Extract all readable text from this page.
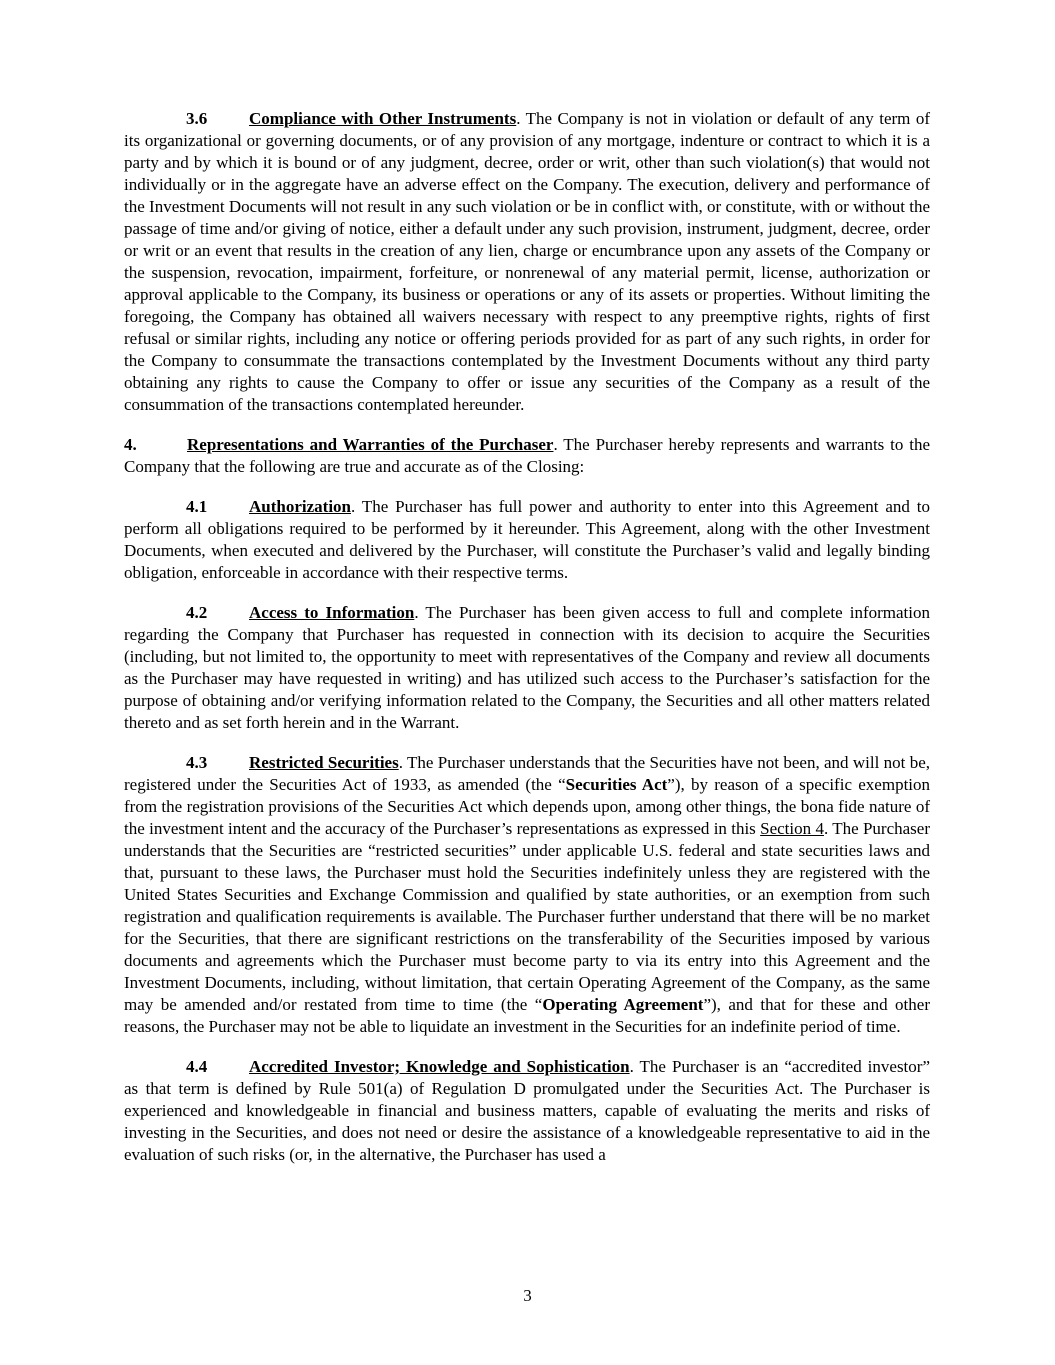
3.6 Compliance with Other Instruments. The Company is not in violation or default of any term of its organizational or governing documents, or of any provision of any mortgage, indenture or contract to which it is a party and by which it is bound or of any judgment, decree, order or writ, other than such violation(s) that would not individually or in the aggregate have an adverse effect on the Company. The execution, delivery and performance of the Investment Documents will not result in any such violation or be in conflict with, or constitute, with or without the passage of time and/or giving of notice, either a default under any such provision, instrument, judgment, decree, order or writ or an event that results in the creation of any lien, charge or encumbrance upon any assets of the Company or the suspension, revocation, impairment, forfeiture, or nonrenewal of any material permit, license, authorization or approval applicable to the Company, its business or operations or any of its assets or properties. Without limiting the foregoing, the Company has obtained all waivers necessary with respect to any preemptive rights, rights of first refusal or similar rights, including any notice or offering periods provided for as part of any such rights, in order for the Company to consummate the transactions contemplated by the Investment Documents without any third party obtaining any rights to cause the Company to offer or issue any securities of the Company as a result of the consummation of the transactions contemplated hereunder.

4.	Representations and Warranties of the Purchaser. The Purchaser hereby represents and warrants to the Company that the following are true and accurate as of the Closing:

4.1 Authorization. The Purchaser has full power and authority to enter into this Agreement and to perform all obligations required to be performed by it hereunder. This Agreement, along with the other Investment Documents, when executed and delivered by the Purchaser, will constitute the Purchaser’s valid and legally binding obligation, enforceable in accordance with their respective terms.

4.2 Access to Information. The Purchaser has been given access to full and complete information regarding the Company that Purchaser has requested in connection with its decision to acquire the Securities (including, but not limited to, the opportunity to meet with representatives of the Company and review all documents as the Purchaser may have requested in writing) and has utilized such access to the Purchaser’s satisfaction for the purpose of obtaining and/or verifying information related to the Company, the Securities and all other matters related thereto and as set forth herein and in the Warrant.

4.3 Restricted Securities. The Purchaser understands that the Securities have not been, and will not be, registered under the Securities Act of 1933, as amended (the “Securities Act”), by reason of a specific exemption from the registration provisions of the Securities Act which depends upon, among other things, the bona fide nature of the investment intent and the accuracy of the Purchaser’s representations as expressed in this Section 4. The Purchaser understands that the Securities are “restricted securities” under applicable U.S. federal and state securities laws and that, pursuant to these laws, the Purchaser must hold the Securities indefinitely unless they are registered with the United States Securities and Exchange Commission and qualified by state authorities, or an exemption from such registration and qualification requirements is available. The Purchaser further understand that there will be no market for the Securities, that there are significant restrictions on the transferability of the Securities imposed by various documents and agreements which the Purchaser must become party to via its entry into this Agreement and the Investment Documents, including, without limitation, that certain Operating Agreement of the Company, as the same may be amended and/or restated from time to time (the “Operating Agreement”), and that for these and other reasons, the Purchaser may not be able to liquidate an investment in the Securities for an indefinite period of time.

4.4 Accredited Investor; Knowledge and Sophistication. The Purchaser is an “accredited investor” as that term is defined by Rule 501(a) of Regulation D promulgated under the Securities Act. The Purchaser is experienced and knowledgeable in financial and business matters, capable of evaluating the merits and risks of investing in the Securities, and does not need or desire the assistance of a knowledgeable representative to aid in the evaluation of such risks (or, in the alternative, the Purchaser has used a

3
